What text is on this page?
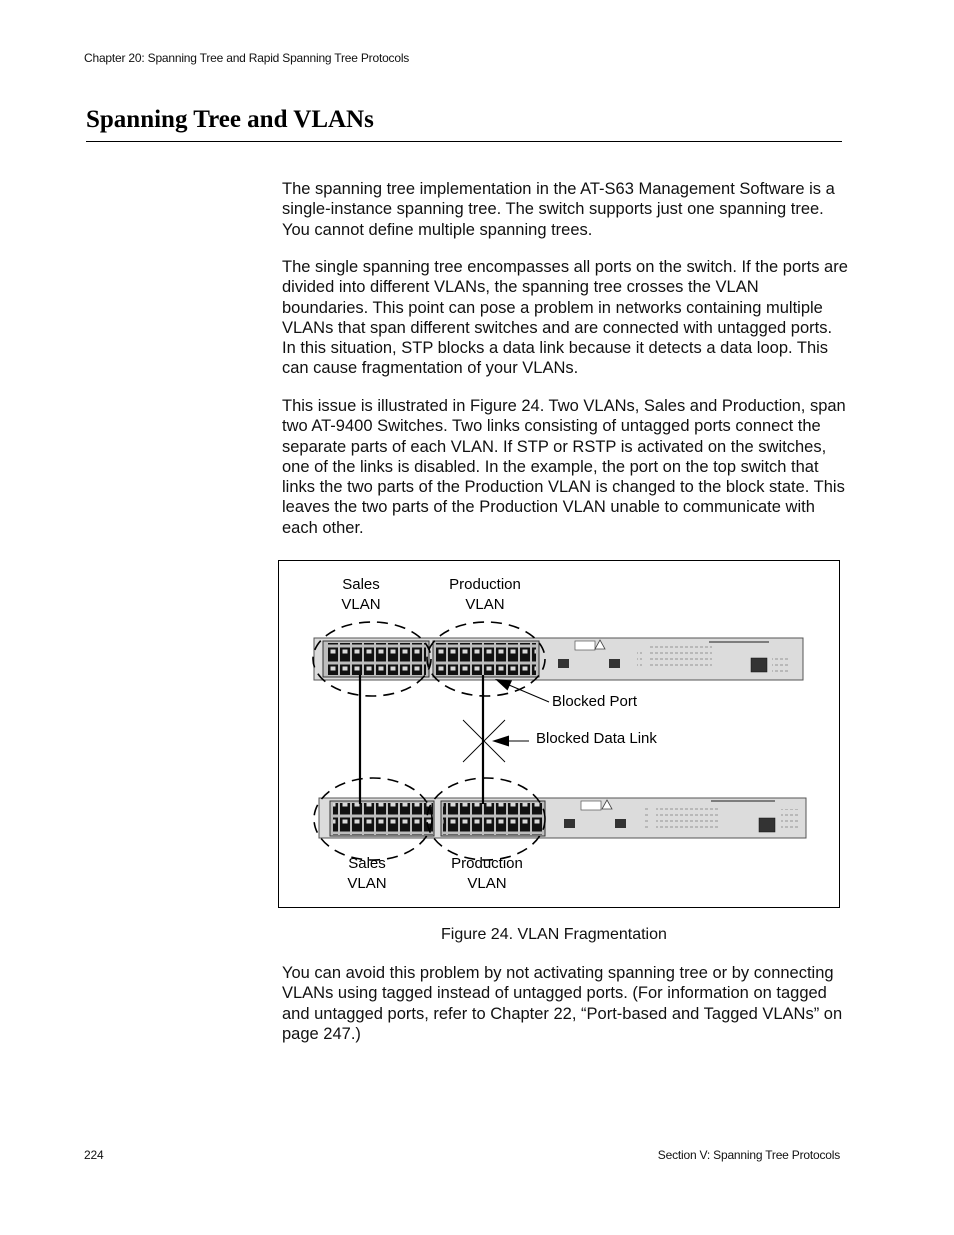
Chapter 20: Spanning Tree and Rapid Spanning Tree Protocols
Spanning Tree and VLANs

The spanning tree implementation in the AT-S63 Management Software is a single-instance spanning tree. The switch supports just one spanning tree. You cannot define multiple spanning trees.

The single spanning tree encompasses all ports on the switch. If the ports are divided into different VLANs, the spanning tree crosses the VLAN boundaries. This point can pose a problem in networks containing multiple VLANs that span different switches and are connected with untagged ports. In this situation, STP blocks a data link because it detects a data loop. This can cause fragmentation of your VLANs.

This issue is illustrated in Figure 24. Two VLANs, Sales and Production, span two AT-9400 Switches. Two links consisting of untagged ports connect the separate parts of each VLAN. If STP or RSTP is activated on the switches, one of the links is disabled. In the example, the port on the top switch that links the two parts of the Production VLAN is changed to the block state. This leaves the two parts of the Production VLAN unable to communicate with each other.

Sales
VLAN
Production
VLAN
Blocked Port
Blocked Data Link
Sales
VLAN
Production
VLAN
Figure 24. VLAN Fragmentation

You can avoid this problem by not activating spanning tree or by connecting VLANs using tagged instead of untagged ports. (For information on tagged and untagged ports, refer to Chapter 22, “Port-based and Tagged VLANs” on page 247.)

224	Section V: Spanning Tree Protocols
